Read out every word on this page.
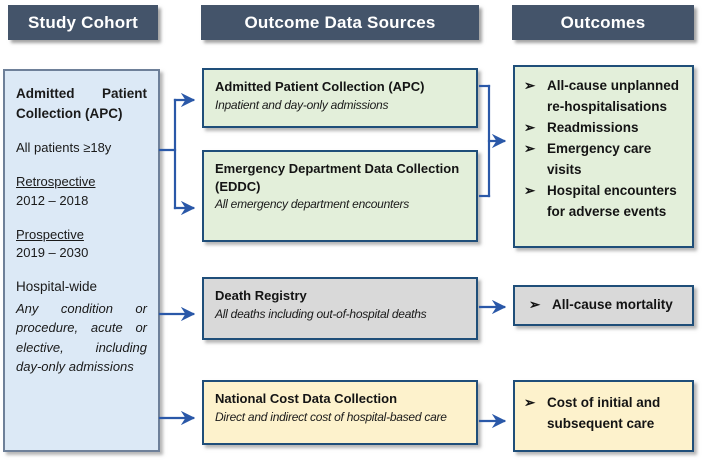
Study Cohort	Outcome Data Sources	Outcomes
Admitted Patient Collection (APC)
All patients ≥18y
Retrospective
2012 – 2018
Prospective
2019 – 2030
Hospital-wide
Any condition or procedure, acute or elective, including day-only admissions
Admitted Patient Collection (APC)
Inpatient and day-only admissions
Emergency Department Data Collection (EDDC)
All emergency department encounters
Death Registry
All deaths including out-of-hospital deaths
National Cost Data Collection
Direct and indirect cost of hospital-based care
➢ All-cause unplanned re-hospitalisations
➢ Readmissions
➢ Emergency care visits
➢ Hospital encounters for adverse events
➢ All-cause mortality
➢ Cost of initial and subsequent care
